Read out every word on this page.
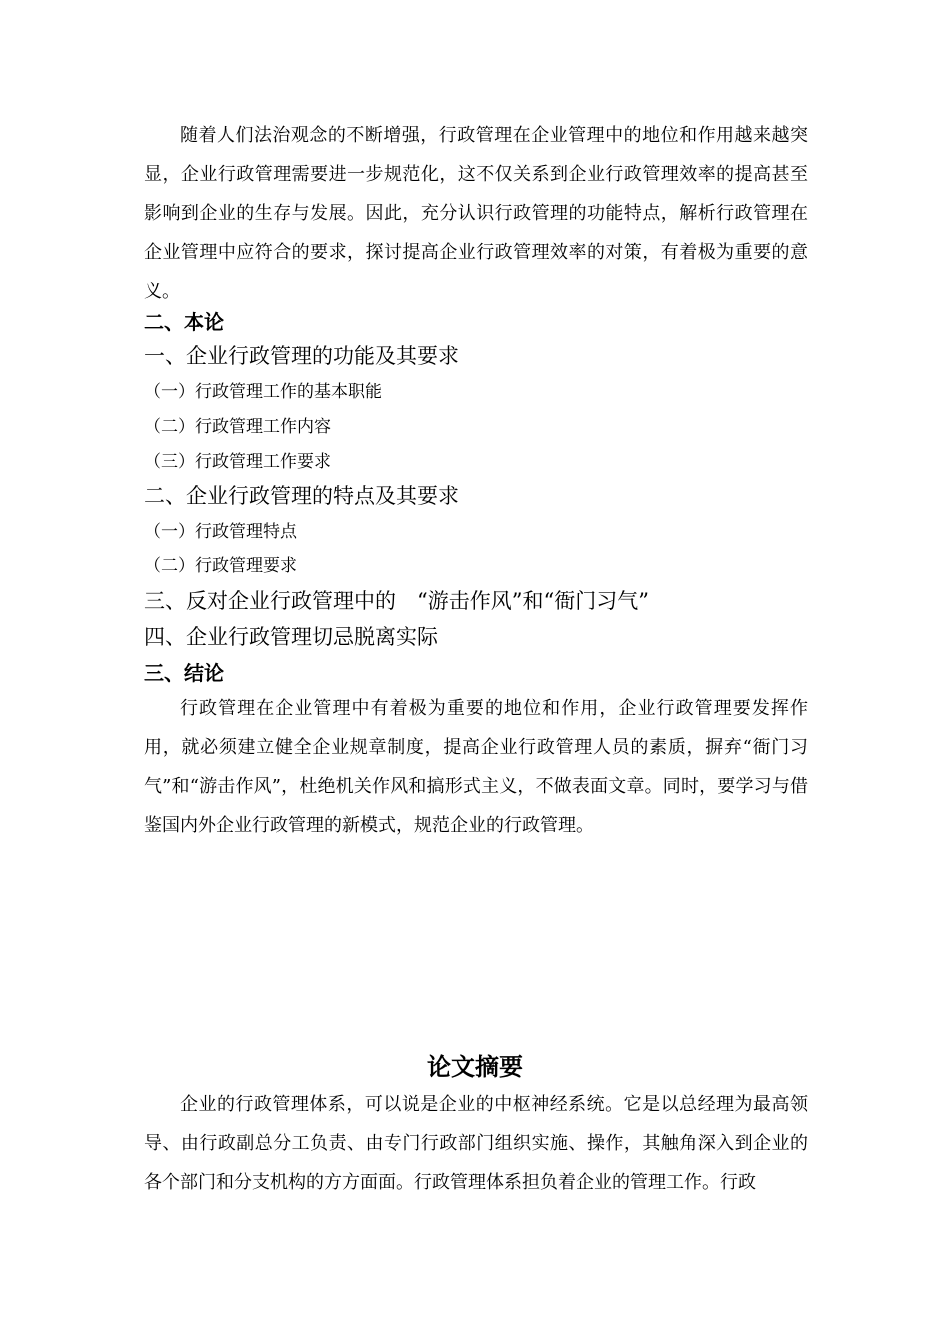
随着人们法治观念的不断增强，行政管理在企业管理中的地位和作用越来越突显，企业行政管理需要进一步规范化，这不仅关系到企业行政管理效率的提高甚至影响到企业的生存与发展。因此，充分认识行政管理的功能特点，解析行政管理在企业管理中应符合的要求，探讨提高企业行政管理效率的对策，有着极为重要的意义。

二、本论

一、企业行政管理的功能及其要求

（一）行政管理工作的基本职能

（二）行政管理工作内容

（三）行政管理工作要求

二、企业行政管理的特点及其要求

（一）行政管理特点

（二）行政管理要求

三、反对企业行政管理中的　“游击作风”和“衙门习气”

四、企业行政管理切忌脱离实际

三、结论

行政管理在企业管理中有着极为重要的地位和作用，企业行政管理要发挥作用，就必须建立健全企业规章制度，提高企业行政管理人员的素质，摒弃“衙门习气”和“游击作风”，杜绝机关作风和搞形式主义，不做表面文章。同时，要学习与借鉴国内外企业行政管理的新模式，规范企业的行政管理。

论文摘要

企业的行政管理体系，可以说是企业的中枢神经系统。它是以总经理为最高领导、由行政副总分工负责、由专门行政部门组织实施、操作，其触角深入到企业的各个部门和分支机构的方方面面。行政管理体系担负着企业的管理工作。行政
